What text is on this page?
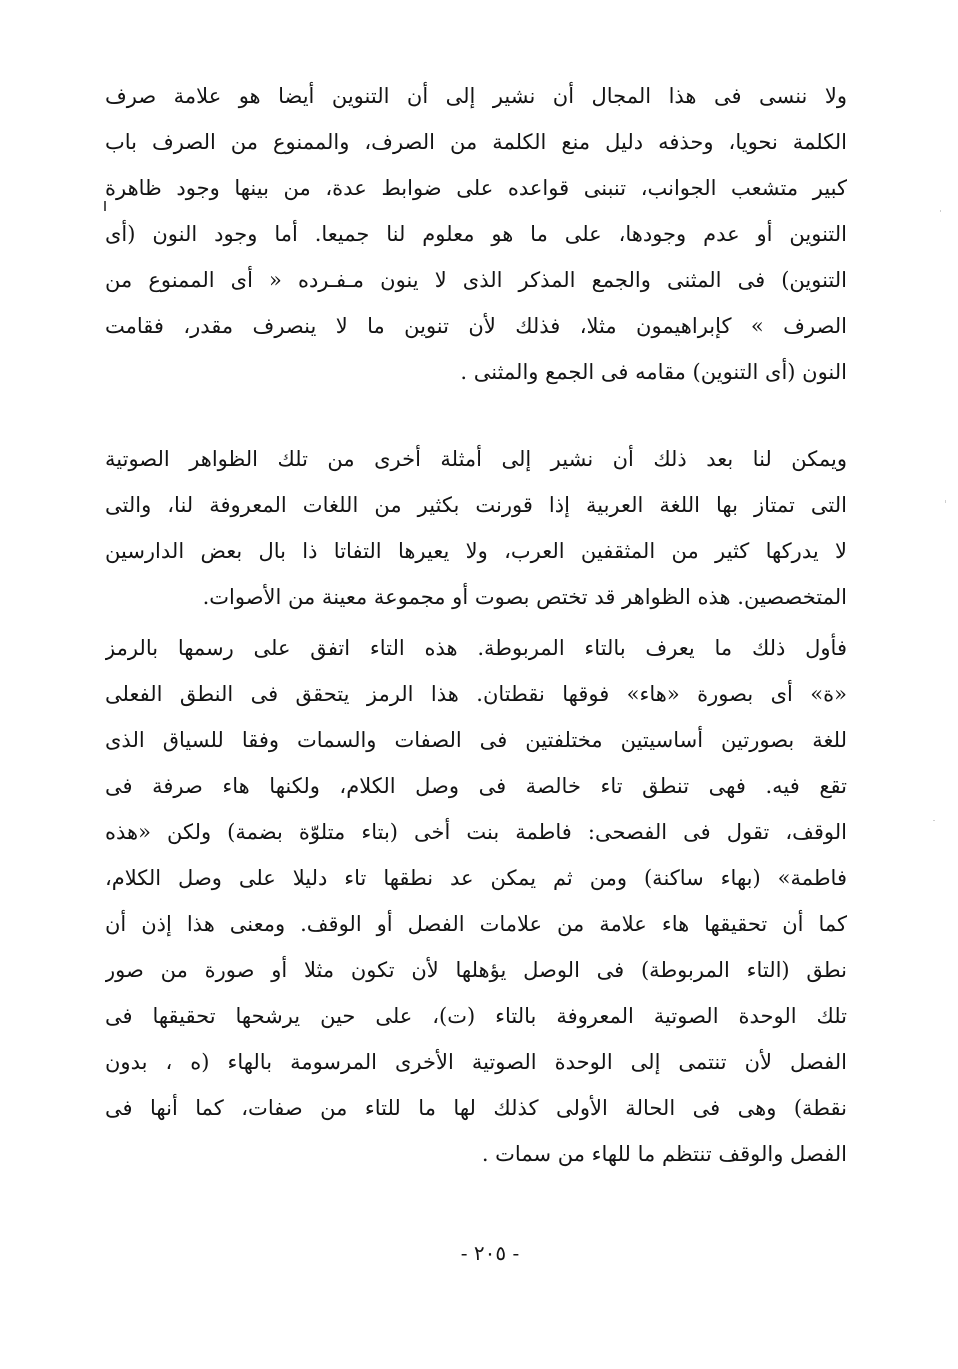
ولا ننسى فى هذا المجال أن نشير إلى أن التنوين أيضا هو علامة صرف
الكلمة نحويا، وحذفه دليل منع الكلمة من الصرف، والممنوع من الصرف باب
كبير متشعب الجوانب، تنبنى قواعده على ضوابط عدة، من بينها وجود ظاهرة
التنوين أو عدم وجودها، على ما هو معلوم لنا جميعا. أما وجود النون (أى
التنوين) فى المثنى والجمع المذكر الذى لا ينون مـفـرده « أى الممنوع من
الصرف » كإبراهيمون مثلا، فذلك لأن تنوين ما لا ينصرف مقدر، فقامت
النون (أى التنوين) مقامه فى الجمع والمثنى .
ويمكن لنا بعد ذلك أن نشير إلى أمثلة أخرى من تلك الظواهر الصوتية
التى تمتاز بها اللغة العربية إذا قورنت بكثير من اللغات المعروفة لنا، والتى
لا يدركها كثير من المثقفين العرب، ولا يعيرها التفاتا ذا بال بعض الدارسين
المتخصصين. هذه الظواهر قد تختص بصوت أو مجموعة معينة من الأصوات.
فأول ذلك ما يعرف بالتاء المربوطة. هذه التاء اتفق على رسمها بالرمز
«ة» أى بصورة «هاء» فوقها نقطتان. هذا الرمز يتحقق فى النطق الفعلى
للغة بصورتين أساسيتين مختلفتين فى الصفات والسمات وفقا للسياق الذى
تقع فيه. فهى تنطق تاء خالصة فى وصل الكلام، ولكنها هاء صرفة فى
الوقف، تقول فى الفصحى: فاطمة بنت أخى (بتاء متلوّة بضمة) ولكن «هذه
فاطمة» (بهاء ساكنة) ومن ثم يمكن عد نطقها تاء دليلا على وصل الكلام،
كما أن تحقيقها هاء علامة من علامات الفصل أو الوقف. ومعنى هذا إذن أن
نطق (التاء المربوطة) فى الوصل يؤهلها لأن تكون مثلا أو صورة من صور
تلك الوحدة الصوتية المعروفة بالتاء (ت)، على حين يرشحها تحقيقها فى
الفصل لأن تنتمى إلى الوحدة الصوتية الأخرى المرسومة بالهاء (ه ، بدون
نقطة) وهى فى الحالة الأولى كذلك لها ما للتاء من صفات، كما أنها فى
الفصل والوقف تنتظم ما للهاء من سمات .
- ٢٠٥ -
